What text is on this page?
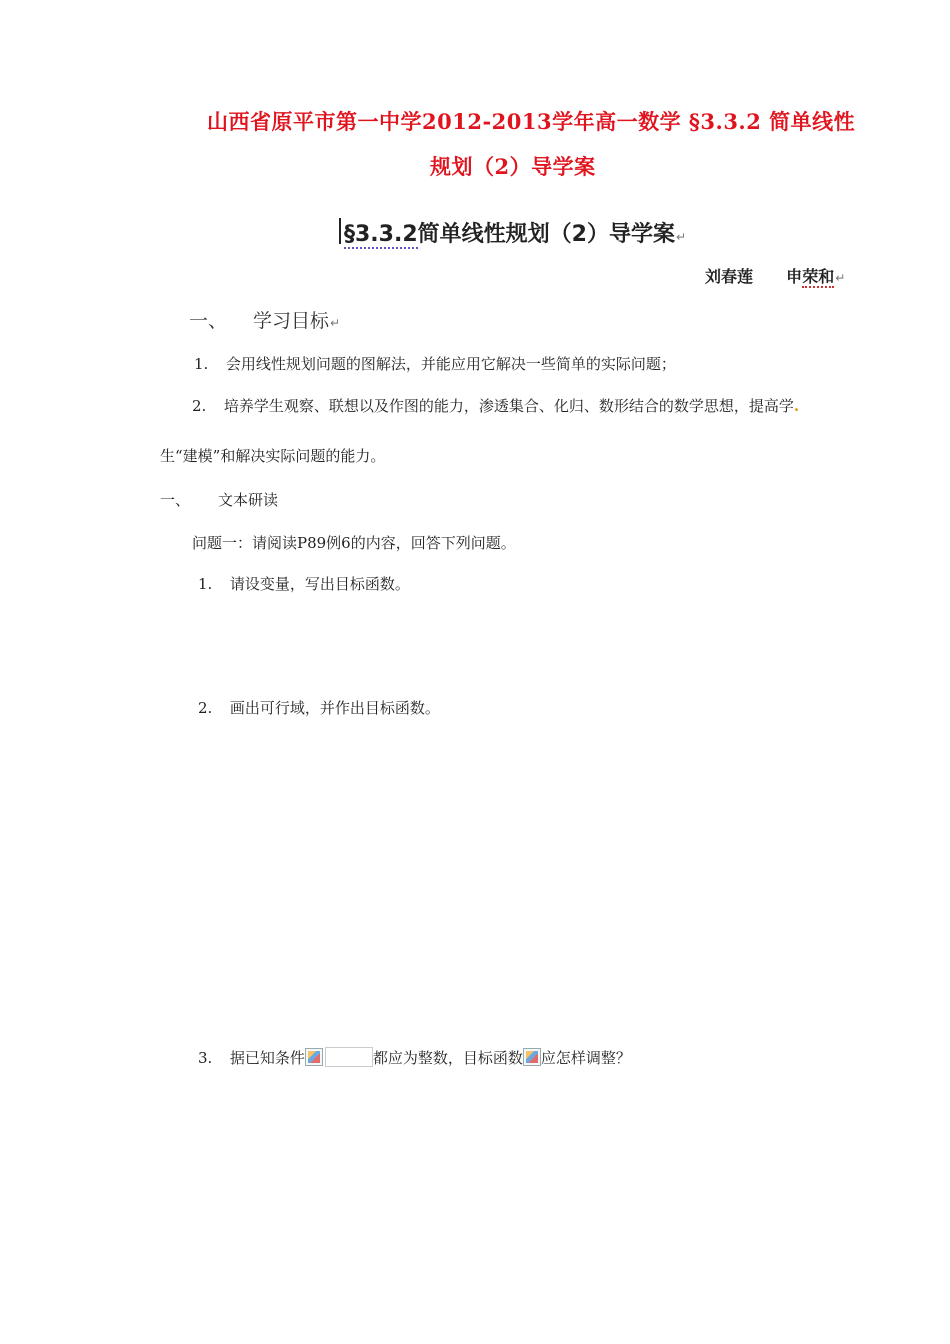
山西省原平市第一中学2012-2013学年高一数学 §3.3.2 简单线性
规划（2）导学案
§3.3.2简单线性规划（2）导学案↵
刘春莲 申荣和↵
一、 学习目标↵
1. 会用线性规划问题的图解法，并能应用它解决一些简单的实际问题；
2. 培养学生观察、联想以及作图的能力，渗透集合、化归、数形结合的数学思想，提高学.
生“建模”和解决实际问题的能力。
一、 文本研读
问题一：请阅读P89例6的内容，回答下列问题。
1. 请设变量，写出目标函数。
2. 画出可行域，并作出目标函数。
3. 据已知条件	都应为整数，目标函数 应怎样调整？
